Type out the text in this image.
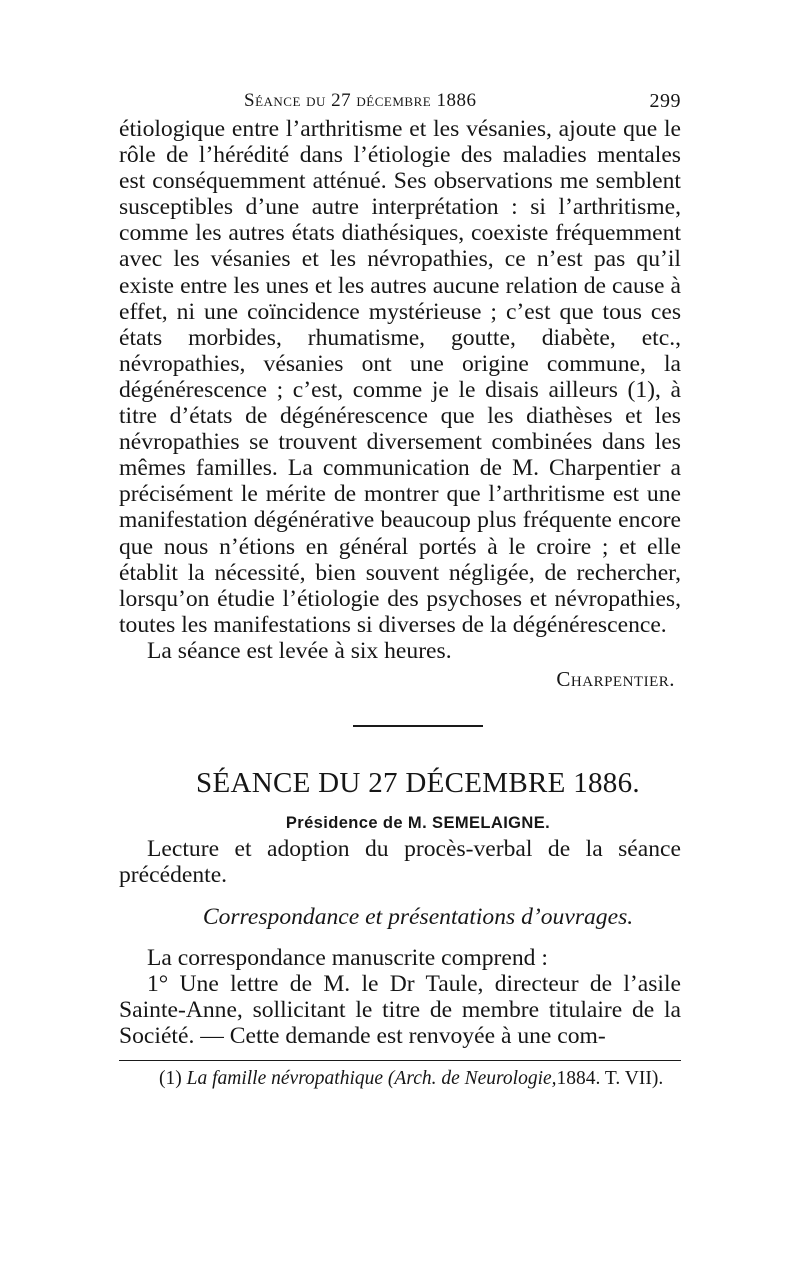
Séance du 27 décembre 1886	299

étiologique entre l’arthritisme et les vésanies, ajoute que le rôle de l’hérédité dans l’étiologie des maladies mentales est conséquemment atténué. Ses observations me semblent susceptibles d’une autre interprétation : si l’arthritisme, comme les autres états diathésiques, coexiste fréquemment avec les vésanies et les névropathies, ce n’est pas qu’il existe entre les unes et les autres aucune relation de cause à effet, ni une coïncidence mystérieuse ; c’est que tous ces états morbides, rhumatisme, goutte, diabète, etc., névropathies, vésanies ont une origine commune, la dégénérescence ; c’est, comme je le disais ailleurs (1), à titre d’états de dégénérescence que les diathèses et les névropathies se trouvent diversement combinées dans les mêmes familles. La communication de M. Charpentier a précisément le mérite de montrer que l’arthritisme est une manifestation dégénérative beaucoup plus fréquente encore que nous n’étions en général portés à le croire ; et elle établit la nécessité, bien souvent négligée, de rechercher, lorsqu’on étudie l’étiologie des psychoses et névropathies, toutes les manifestations si diverses de la dégénérescence.

La séance est levée à six heures.

Charpentier.
SÉANCE DU 27 DÉCEMBRE 1886.
Présidence de M. SEMELAIGNE.

Lecture et adoption du procès-verbal de la séance précédente.

Correspondance et présentations d’ouvrages.

La correspondance manuscrite comprend :

1° Une lettre de M. le Dr Taule, directeur de l’asile Sainte-Anne, sollicitant le titre de membre titulaire de la Société. — Cette demande est renvoyée à une com-

(1) La famille névropathique (Arch. de Neurologie,1884. T. VII).
